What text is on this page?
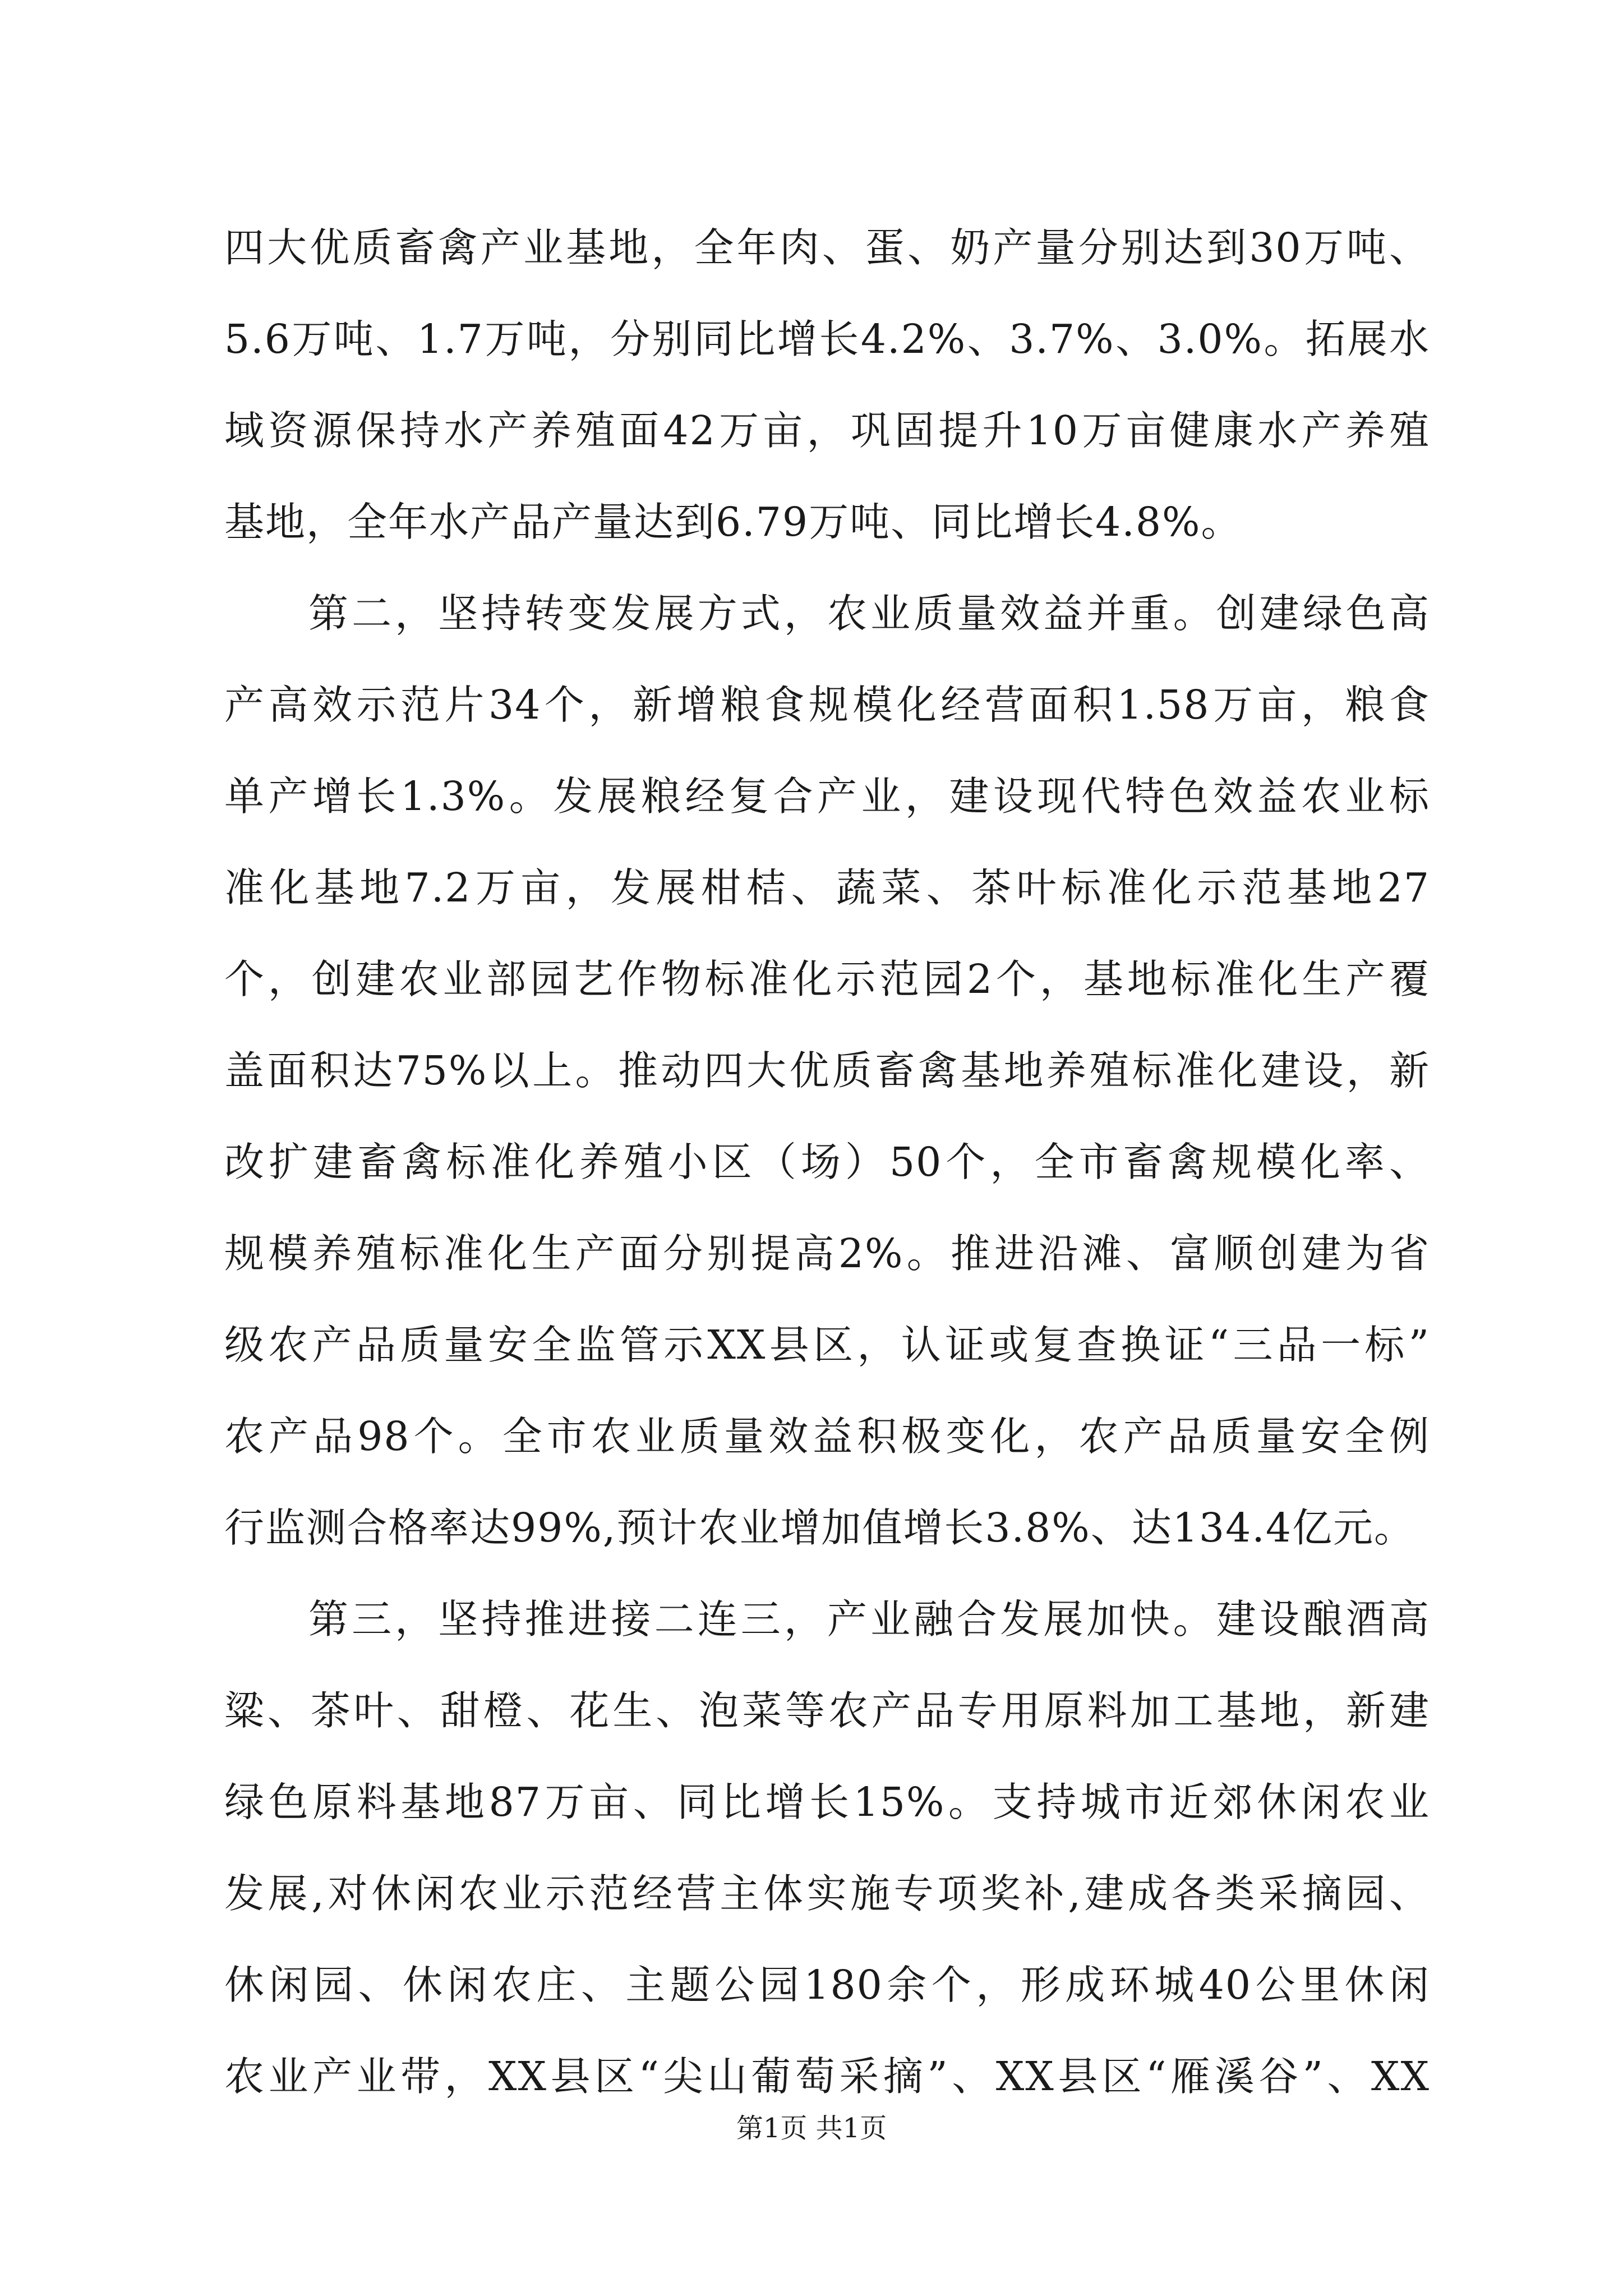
四大优质畜禽产业基地，全年肉、蛋、奶产量分别达到30万吨、
5.6万吨、1.7万吨，分别同比增长4.2%、3.7%、3.0%。拓展水
域资源保持水产养殖面42万亩，巩固提升10万亩健康水产养殖
基地，全年水产品产量达到6.79万吨、同比增长4.8%。
第二，坚持转变发展方式，农业质量效益并重。创建绿色高
产高效示范片34个，新增粮食规模化经营面积1.58万亩，粮食
单产增长1.3%。发展粮经复合产业，建设现代特色效益农业标
准化基地7.2万亩，发展柑桔、蔬菜、茶叶标准化示范基地27
个，创建农业部园艺作物标准化示范园2个，基地标准化生产覆
盖面积达75%以上。推动四大优质畜禽基地养殖标准化建设，新
改扩建畜禽标准化养殖小区（场）50个，全市畜禽规模化率、
规模养殖标准化生产面分别提高2%。推进沿滩、富顺创建为省
级农产品质量安全监管示XX县区，认证或复查换证“三品一标”
农产品98个。全市农业质量效益积极变化，农产品质量安全例
行监测合格率达99%,预计农业增加值增长3.8%、达134.4亿元。
第三，坚持推进接二连三，产业融合发展加快。建设酿酒高
粱、茶叶、甜橙、花生、泡菜等农产品专用原料加工基地，新建
绿色原料基地87万亩、同比增长15%。支持城市近郊休闲农业
发展,对休闲农业示范经营主体实施专项奖补,建成各类采摘园、
休闲园、休闲农庄、主题公园180余个，形成环城40公里休闲
农业产业带，XX县区“尖山葡萄采摘”、XX县区“雁溪谷”、XX
第1页 共1页
